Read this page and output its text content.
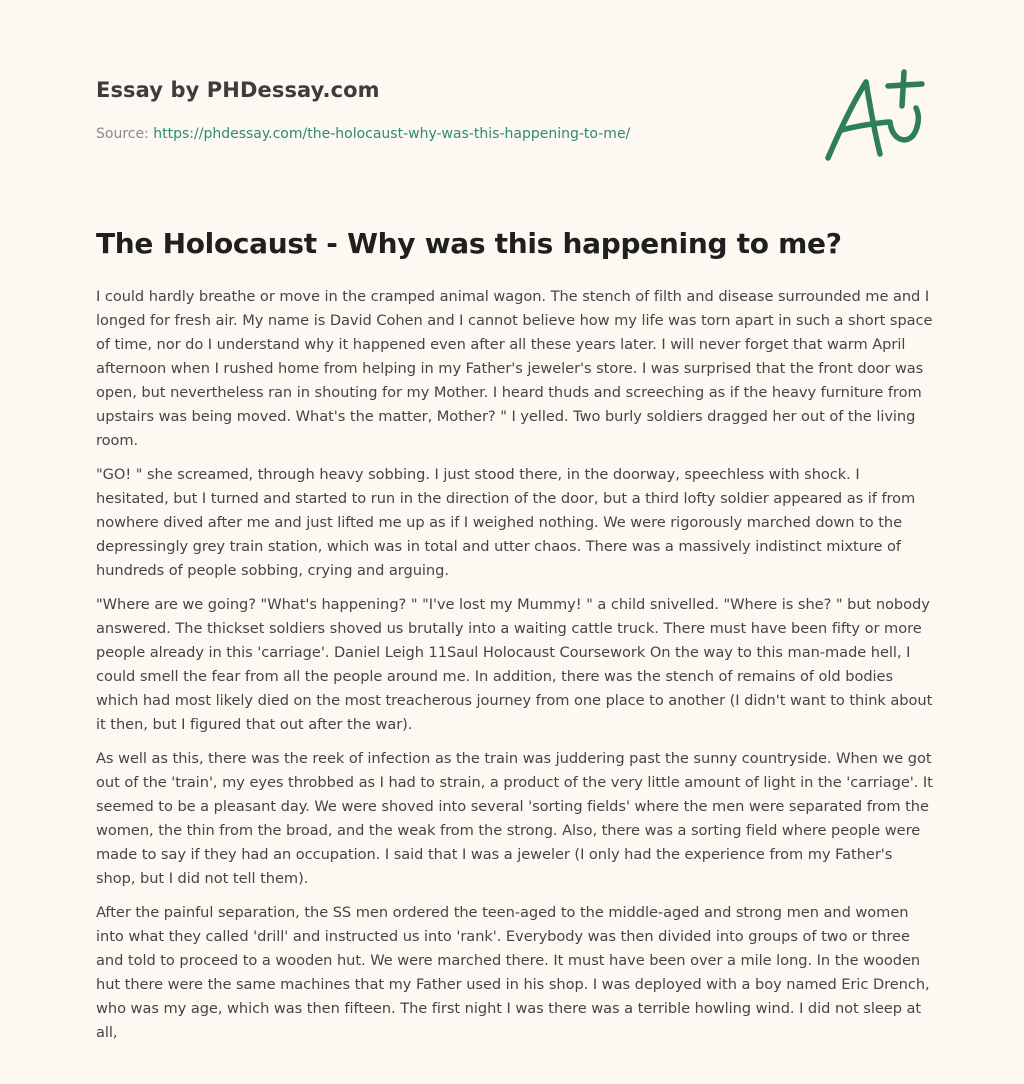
Essay by PHDessay.com
Source: https://phdessay.com/the-holocaust-why-was-this-happening-to-me/
The Holocaust - Why was this happening to me?

I could hardly breathe or move in the cramped animal wagon. The stench of filth and disease surrounded me and I longed for fresh air. My name is David Cohen and I cannot believe how my life was torn apart in such a short space of time, nor do I understand why it happened even after all these years later. I will never forget that warm April afternoon when I rushed home from helping in my Father's jeweler's store. I was surprised that the front door was open, but nevertheless ran in shouting for my Mother. I heard thuds and screeching as if the heavy furniture from upstairs was being moved. What's the matter, Mother? " I yelled. Two burly soldiers dragged her out of the living room.

"GO! " she screamed, through heavy sobbing. I just stood there, in the doorway, speechless with shock. I hesitated, but I turned and started to run in the direction of the door, but a third lofty soldier appeared as if from nowhere dived after me and just lifted me up as if I weighed nothing. We were rigorously marched down to the depressingly grey train station, which was in total and utter chaos. There was a massively indistinct mixture of hundreds of people sobbing, crying and arguing.

"Where are we going? "What's happening? " "I've lost my Mummy! " a child snivelled. "Where is she? " but nobody answered. The thickset soldiers shoved us brutally into a waiting cattle truck. There must have been fifty or more people already in this 'carriage'. Daniel Leigh 11Saul Holocaust Coursework On the way to this man-made hell, I could smell the fear from all the people around me. In addition, there was the stench of remains of old bodies which had most likely died on the most treacherous journey from one place to another (I didn't want to think about it then, but I figured that out after the war).

As well as this, there was the reek of infection as the train was juddering past the sunny countryside. When we got out of the 'train', my eyes throbbed as I had to strain, a product of the very little amount of light in the 'carriage'. It seemed to be a pleasant day. We were shoved into several 'sorting fields' where the men were separated from the women, the thin from the broad, and the weak from the strong. Also, there was a sorting field where people were made to say if they had an occupation. I said that I was a jeweler (I only had the experience from my Father's shop, but I did not tell them).

After the painful separation, the SS men ordered the teen-aged to the middle-aged and strong men and women into what they called 'drill' and instructed us into 'rank'. Everybody was then divided into groups of two or three and told to proceed to a wooden hut. We were marched there. It must have been over a mile long. In the wooden hut there were the same machines that my Father used in his shop. I was deployed with a boy named Eric Drench, who was my age, which was then fifteen. The first night I was there was a terrible howling wind. I did not sleep at all,
